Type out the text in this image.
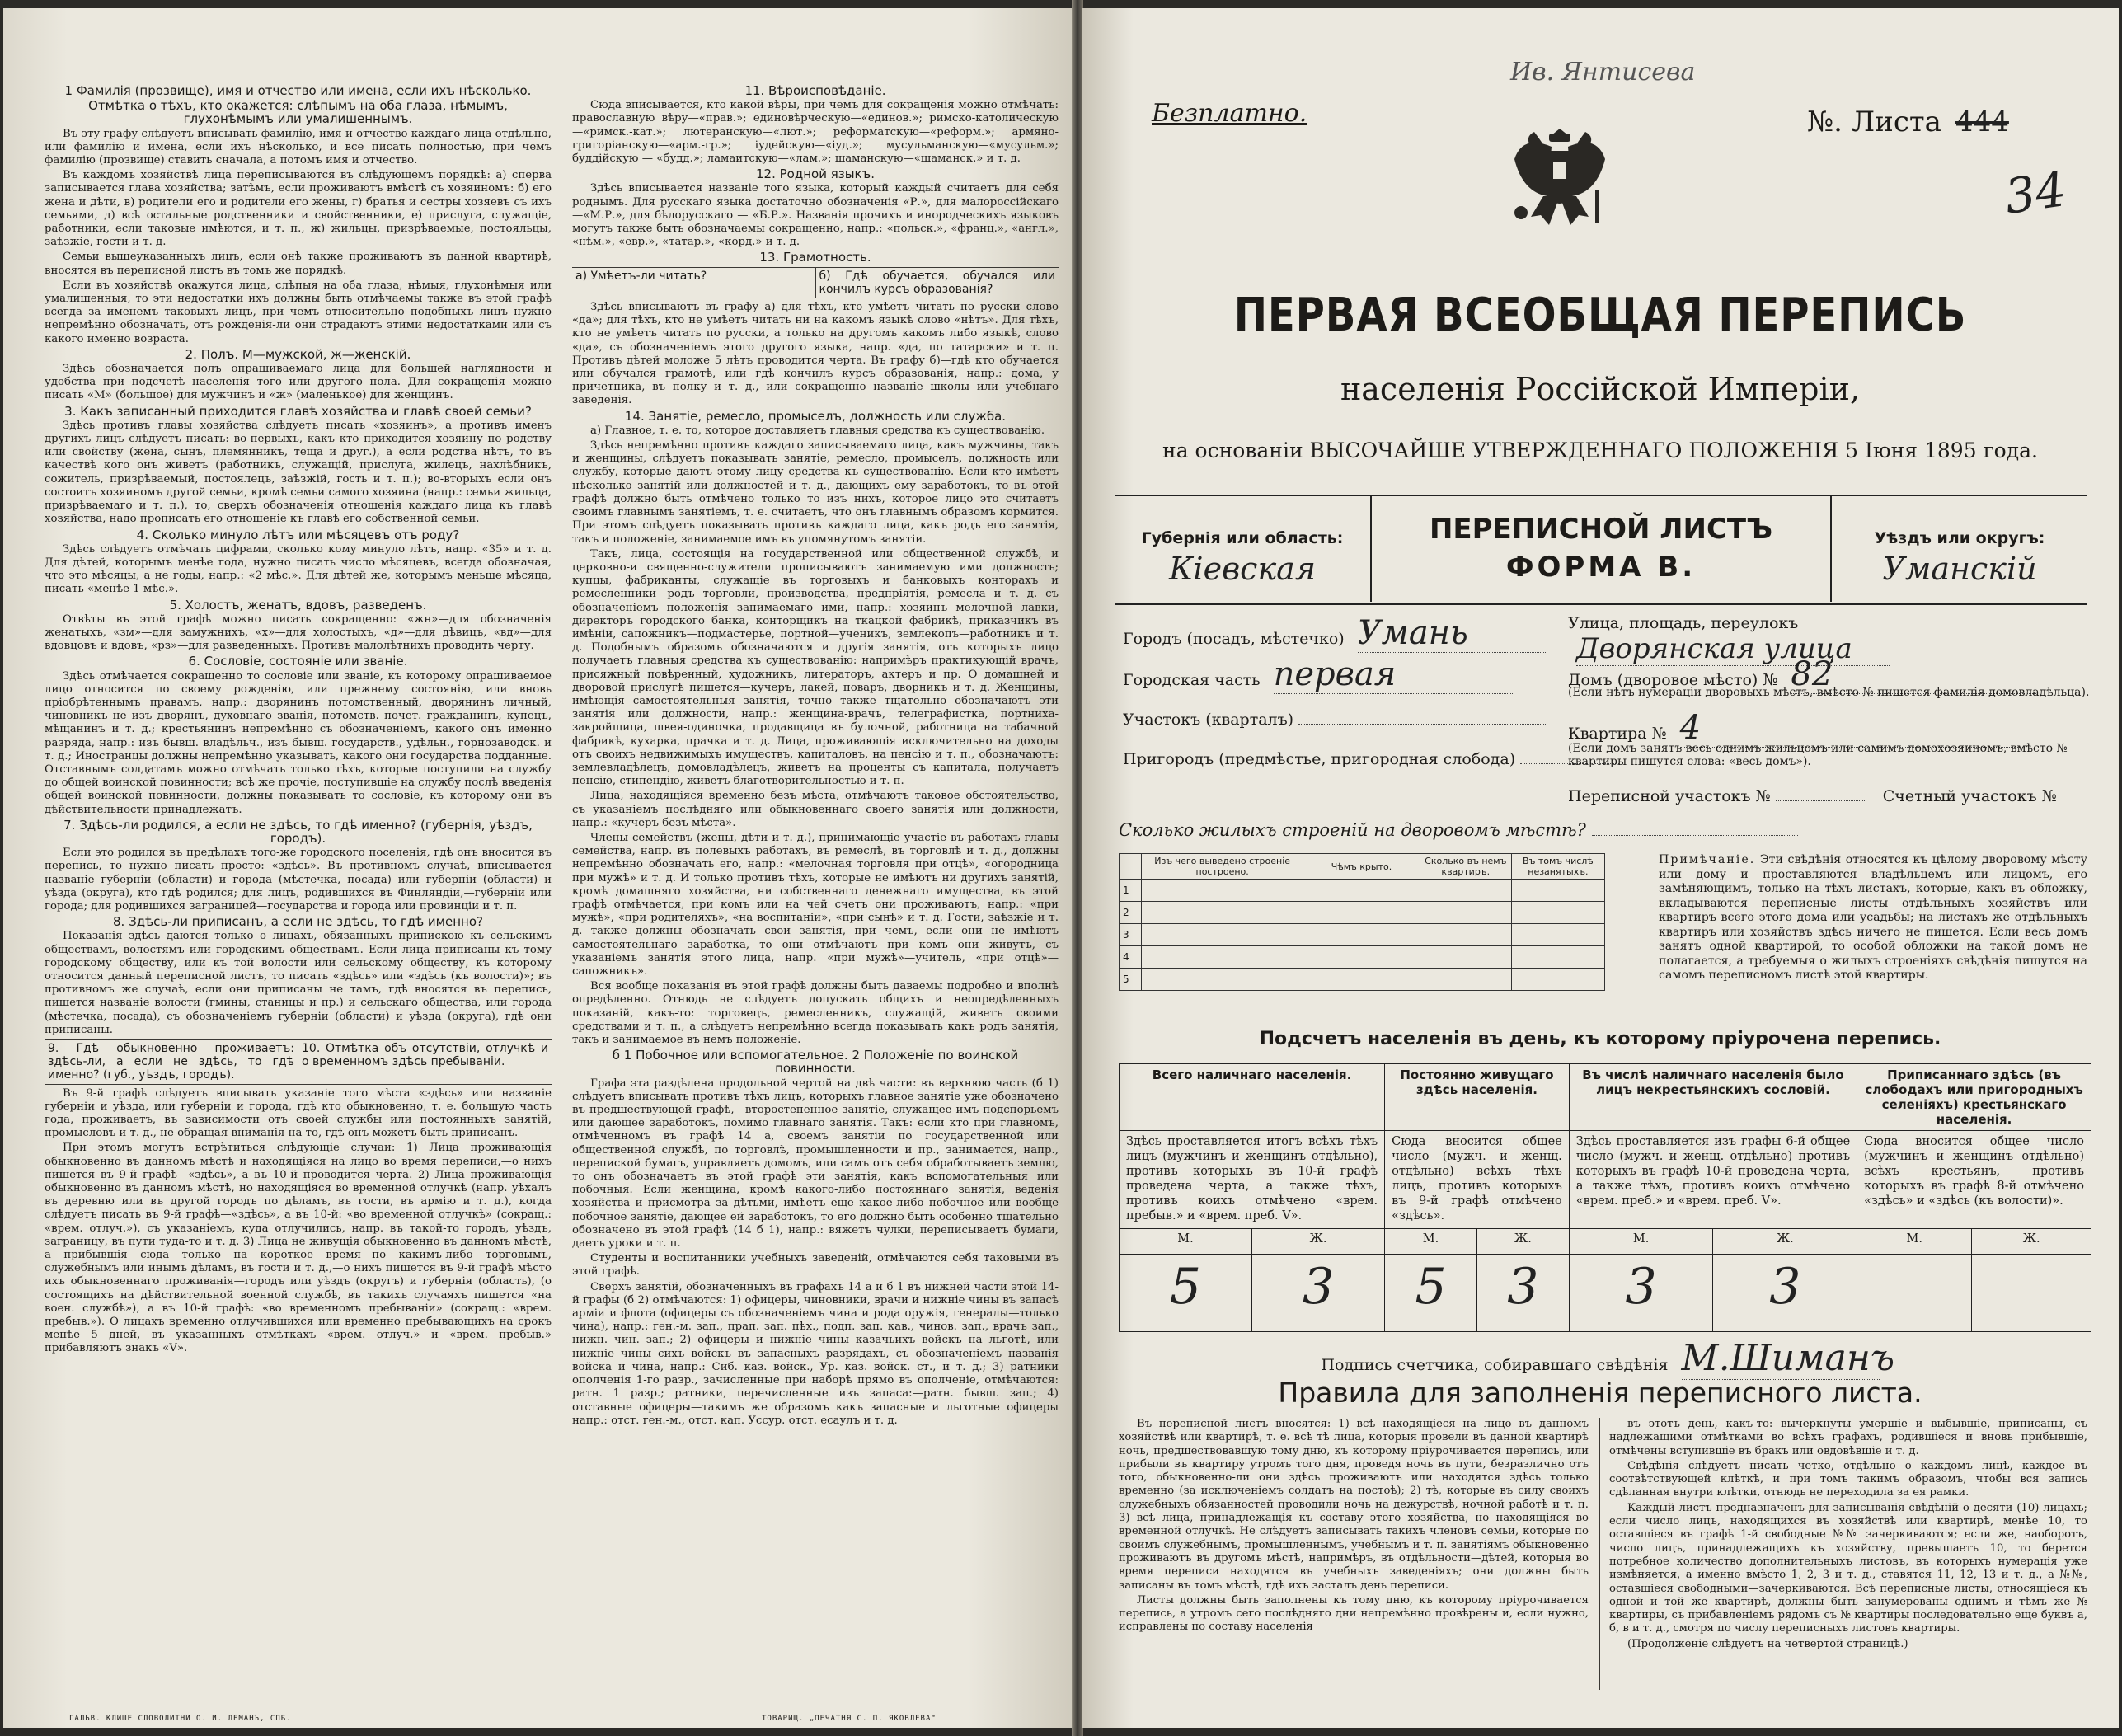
1 Фамилія (прозвище), имя и отчество или имена, если ихъ нѣсколько.
Отмѣтка о тѣхъ, кто окажется: слѣпымъ на оба глаза, нѣмымъ, глухонѣмымъ или умалишеннымъ.
Въ эту графу слѣдуетъ вписывать фамилію, имя и отчество каждаго лица отдѣльно, или фамилію и имена, если ихъ нѣсколько, и все писать полностью, при чемъ фамилію (прозвище) ставить сначала, а потомъ имя и отчество.
Въ каждомъ хозяйствѣ лица переписываются въ слѣдующемъ порядкѣ: а) сперва записывается глава хозяйства; затѣмъ, если проживаютъ вмѣстѣ съ хозяиномъ: б) его жена и дѣти, в) родители его и родители его жены, г) братья и сестры хозяевъ съ ихъ семьями, д) всѣ остальные родственники и свойственники, е) прислуга, служащіе, работники, если таковые имѣются, и т. п., ж) жильцы, призрѣваемые, постояльцы, заѣзжіе, гости и т. д.
Семьи вышеуказанныхъ лицъ, если онѣ также проживаютъ въ данной квартирѣ, вносятся въ переписной листъ въ томъ же порядкѣ.
Если въ хозяйствѣ окажутся лица, слѣпыя на оба глаза, нѣмыя, глухонѣмыя или умалишенныя, то эти недостатки ихъ должны быть отмѣчаемы также въ этой графѣ всегда за именемъ таковыхъ лицъ, при чемъ относительно подобныхъ лицъ нужно непремѣнно обозначать, отъ рожденія-ли они страдаютъ этими недостатками или съ какого именно возраста.
2. Полъ. М—мужской, ж—женскій.
Здѣсь обозначается полъ опрашиваемаго лица для большей наглядности и удобства при подсчетѣ населенія того или другого пола. Для сокращенія можно писать «М» (большое) для мужчинъ и «ж» (маленькое) для женщинъ.
3. Какъ записанный приходится главѣ хозяйства и главѣ своей семьи?
Здѣсь противъ главы хозяйства слѣдуетъ писать «хозяинъ», а противъ именъ другихъ лицъ слѣдуетъ писать: во-первыхъ, какъ кто приходится хозяину по родству или свойству (жена, сынъ, племянникъ, теща и друг.), а если родства нѣтъ, то въ качествѣ кого онъ живетъ (работникъ, служащій, прислуга, жилецъ, нахлѣбникъ, сожитель, призрѣваемый, постоялецъ, заѣзжій, гость и т. п.); во-вторыхъ если онъ состоитъ хозяиномъ другой семьи, кромѣ семьи самого хозяина (напр.: семьи жильца, призрѣваемаго и т. п.), то, сверхъ обозначенія отношенія каждаго лица къ главѣ хозяйства, надо прописать его отношеніе къ главѣ его собственной семьи.
4. Сколько минуло лѣтъ или мѣсяцевъ отъ роду?
Здѣсь слѣдуетъ отмѣчать цифрами, сколько кому минуло лѣтъ, напр. «35» и т. д. Для дѣтей, которымъ менѣе года, нужно писать число мѣсяцевъ, всегда обозначая, что это мѣсяцы, а не годы, напр.: «2 мѣс.». Для дѣтей же, которымъ меньше мѣсяца, писать «менѣе 1 мѣс.».
5. Холостъ, женатъ, вдовъ, разведенъ.
Отвѣты въ этой графѣ можно писать сокращенно: «жн»—для обозначенія женатыхъ, «зм»—для замужнихъ, «х»—для холостыхъ, «д»—для дѣвицъ, «вд»—для вдовцовъ и вдовъ, «рз»—для разведенныхъ. Противъ малолѣтнихъ проводить черту.
6. Сословіе, состояніе или званіе.
Здѣсь отмѣчается сокращенно то сословіе или званіе, къ которому опрашиваемое лицо относится по своему рожденію, или прежнему состоянію, или вновь пріобрѣтеннымъ правамъ, напр.: дворянинъ потомственный, дворянинъ личный, чиновникъ не изъ дворянъ, духовнаго званія, потомств. почет. гражданинъ, купецъ, мѣщанинъ и т. д.; крестьянинъ непремѣнно съ обозначеніемъ, какого онъ именно разряда, напр.: изъ бывш. владѣльч., изъ бывш. государств., удѣльн., горнозаводск. и т. д.; Иностранцы должны непремѣнно указывать, какого они государства подданные. Отставнымъ солдатамъ можно отмѣчать только тѣхъ, которые поступили на службу до общей воинской повинности; всѣ же прочіе, поступившіе на службу послѣ введенія общей воинской повинности, должны показывать то сословіе, къ которому они въ дѣйствительности принадлежатъ.
7. Здѣсь-ли родился, а если не здѣсь, то гдѣ именно? (губернія, уѣздъ, городъ).
Если это родился въ предѣлахъ того-же городского поселенія, гдѣ онъ вносится въ перепись, то нужно писать просто: «здѣсь». Въ противномъ случаѣ, вписывается названіе губерніи (области) и города (мѣстечка, посада) или губерніи (области) и уѣзда (округа), кто гдѣ родился; для лицъ, родившихся въ Финляндіи,—губерніи или города; для родившихся заграницей—государства и города или провинціи и т. п.
8. Здѣсь-ли приписанъ, а если не здѣсь, то гдѣ именно?
Показанія здѣсь даются только о лицахъ, обязанныхъ припискою къ сельскимъ обществамъ, волостямъ или городскимъ обществамъ. Если лица приписаны къ тому городскому обществу, или къ той волости или сельскому обществу, къ которому относится данный переписной листъ, то писать «здѣсь» или «здѣсь (къ волости)»; въ противномъ же случаѣ, если они приписаны не тамъ, гдѣ вносятся въ перепись, пишется названіе волости (гмины, станицы и пр.) и сельскаго общества, или города (мѣстечка, посада), съ обозначеніемъ губерніи (области) и уѣзда (округа), гдѣ они приписаны.
9. Гдѣ обыкновенно проживаетъ: здѣсь-ли, а если не здѣсь, то гдѣ именно? (губ., уѣздъ, городъ).
10. Отмѣтка объ отсутствіи, отлучкѣ и о временномъ здѣсь пребываніи.
Въ 9-й графѣ слѣдуетъ вписывать указаніе того мѣста «здѣсь» или названіе губерніи и уѣзда, или губерніи и города, гдѣ кто обыкновенно, т. е. большую часть года, проживаетъ, въ зависимости отъ своей службы или постоянныхъ занятій, промысловъ и т. д., не обращая вниманія на то, гдѣ онъ можетъ быть приписанъ.
При этомъ могутъ встрѣтиться слѣдующіе случаи: 1) Лица проживающія обыкновенно въ данномъ мѣстѣ и находящіяся на лицо во время переписи,—о нихъ пишется въ 9-й графѣ—«здѣсь», а въ 10-й проводится черта. 2) Лица проживающія обыкновенно въ данномъ мѣстѣ, но находящіяся во временной отлучкѣ (напр. уѣхалъ въ деревню или въ другой городъ по дѣламъ, въ гости, въ армію и т. д.), когда слѣдуетъ писать въ 9-й графѣ—«здѣсь», а въ 10-й: «во временной отлучкѣ» (сокращ.: «врем. отлуч.»), съ указаніемъ, куда отлучились, напр. въ такой-то городъ, уѣздъ, заграницу, въ пути туда-то и т. д. 3) Лица не живущія обыкновенно въ данномъ мѣстѣ, а прибывшія сюда только на короткое время—по какимъ-либо торговымъ, служебнымъ или инымъ дѣламъ, въ гости и т. д.,—о нихъ пишется въ 9-й графѣ мѣсто ихъ обыкновеннаго проживанія—городъ или уѣздъ (округъ) и губернія (область), (о состоящихъ на дѣйствительной военной службѣ, въ такихъ случаяхъ пишется «на воен. службѣ»), а въ 10-й графѣ: «во временномъ пребываніи» (сокращ.: «врем. пребыв.»). О лицахъ временно отлучившихся или временно пребывающихъ на срокъ менѣе 5 дней, въ указанныхъ отмѣткахъ «врем. отлуч.» и «врем. пребыв.» прибавляютъ знакъ «V».
11. Вѣроисповѣданіе.
Сюда вписывается, кто какой вѣры, при чемъ для сокращенія можно отмѣчать: православную вѣру—«прав.»; единовѣрческую—«единов.»; римско-католическую—«римск.-кат.»; лютеранскую—«лют.»; реформатскую—«реформ.»; армяно-григоріанскую—«арм.-гр.»; іудейскую—«іуд.»; мусульманскую—«мусульм.»; буддійскую — «будд.»; ламаитскую—«лам.»; шаманскую—«шаманск.» и т. д.
12. Родной языкъ.
Здѣсь вписывается названіе того языка, который каждый считаетъ для себя роднымъ. Для русскаго языка достаточно обозначенія «Р.», для малороссійскаго—«М.Р.», для бѣлорусскаго — «Б.Р.». Названія прочихъ и инородческихъ языковъ могутъ также быть обозначаемы сокращенно, напр.: «польск.», «франц.», «англ.», «нѣм.», «евр.», «татар.», «корд.» и т. д.
13. Грамотность.
а) Умѣетъ-ли читать?	б) Гдѣ обучается, обучался или кончилъ курсъ образованія?
Здѣсь вписываютъ въ графу а) для тѣхъ, кто умѣетъ читать по русски слово «да»; для тѣхъ, кто не умѣетъ читать ни на какомъ языкѣ слово «нѣтъ». Для тѣхъ, кто не умѣетъ читать по русски, а только на другомъ какомъ либо языкѣ, слово «да», съ обозначеніемъ этого другого языка, напр. «да, по татарски» и т. п. Противъ дѣтей моложе 5 лѣтъ проводится черта. Въ графу б)—гдѣ кто обучается или обучался грамотѣ, или гдѣ кончилъ курсъ образованія, напр.: дома, у причетника, въ полку и т. д., или сокращенно названіе школы или учебнаго заведенія.
14. Занятіе, ремесло, промыселъ, должность или служба.
а) Главное, т. е. то, которое доставляетъ главныя средства къ существованію.
Здѣсь непремѣнно противъ каждаго записываемаго лица, какъ мужчины, такъ и женщины, слѣдуетъ показывать занятіе, ремесло, промыселъ, должность или службу, которые даютъ этому лицу средства къ существованію. Если кто имѣетъ нѣсколько занятій или должностей и т. д., дающихъ ему заработокъ, то въ этой графѣ должно быть отмѣчено только то изъ нихъ, которое лицо это считаетъ своимъ главнымъ занятіемъ, т. е. считаетъ, что онъ главнымъ образомъ кормится. При этомъ слѣдуетъ показывать противъ каждаго лица, какъ родъ его занятія, такъ и положеніе, занимаемое имъ въ упомянутомъ занятіи.
Такъ, лица, состоящія на государственной или общественной службѣ, и церковно-и священно-служители прописываютъ занимаемую ими должность; купцы, фабриканты, служащіе въ торговыхъ и банковыхъ конторахъ и ремесленники—родъ торговли, производства, предпріятія, ремесла и т. д. съ обозначеніемъ положенія занимаемаго ими, напр.: хозяинъ мелочной лавки, директоръ городского банка, конторщикъ на ткацкой фабрикѣ, приказчикъ въ имѣніи, сапожникъ—подмастерье, портной—ученикъ, землекопъ—работникъ и т. д. Подобнымъ образомъ обозначаются и другія занятія, отъ которыхъ лицо получаетъ главныя средства къ существованію: напримѣръ практикующій врачъ, присяжный повѣренный, художникъ, литераторъ, актеръ и пр. О домашней и дворовой прислугѣ пишется—кучеръ, лакей, поваръ, дворникъ и т. д. Женщины, имѣющія самостоятельныя занятія, точно также тщательно обозначаютъ эти занятія или должности, напр.: женщина-врачъ, телеграфистка, портниха-закройщица, швея-одиночка, продавщица въ булочной, работница на табачной фабрикѣ, кухарка, прачка и т. д. Лица, проживающія исключительно на доходы отъ своихъ недвижимыхъ имуществъ, капиталовъ, на пенсію и т. п., обозначаютъ: землевладѣлецъ, домовладѣлецъ, живетъ на проценты съ капитала, получаетъ пенсію, стипендію, живетъ благотворительностью и т. п.
Лица, находящіяся временно безъ мѣста, отмѣчаютъ таковое обстоятельство, съ указаніемъ послѣдняго или обыкновеннаго своего занятія или должности, напр.: «кучеръ безъ мѣста».
Члены семействъ (жены, дѣти и т. д.), принимающіе участіе въ работахъ главы семейства, напр. въ полевыхъ работахъ, въ ремеслѣ, въ торговлѣ и т. д., должны непремѣнно обозначать его, напр.: «мелочная торговля при отцѣ», «огородница при мужѣ» и т. д. И только противъ тѣхъ, которые не имѣютъ ни другихъ занятій, кромѣ домашняго хозяйства, ни собственнаго денежнаго имущества, въ этой графѣ отмѣчается, при комъ или на чей счетъ они проживаютъ, напр.: «при мужѣ», «при родителяхъ», «на воспитаніи», «при сынѣ» и т. д. Гости, заѣзжіе и т. д. также должны обозначать свои занятія, при чемъ, если они не имѣютъ самостоятельнаго заработка, то они отмѣчаютъ при комъ они живутъ, съ указаніемъ занятія этого лица, напр. «при мужѣ»—учитель, «при отцѣ»—сапожникъ».
Вся вообще показанія въ этой графѣ должны быть даваемы подробно и вполнѣ опредѣленно. Отнюдь не слѣдуетъ допускать общихъ и неопредѣленныхъ показаній, какъ-то: торговецъ, ремесленникъ, служащій, живетъ своими средствами и т. п., а слѣдуетъ непремѣнно всегда показывать какъ родъ занятія, такъ и занимаемое въ немъ положеніе.
б 1 Побочное или вспомогательное. 2 Положеніе по воинской повинности.
Графа эта раздѣлена продольной чертой на двѣ части: въ верхнюю часть (б 1) слѣдуетъ вписывать противъ тѣхъ лицъ, которыхъ главное занятіе уже обозначено въ предшествующей графѣ,—второстепенное занятіе, служащее имъ подспорьемъ или дающее заработокъ, помимо главнаго занятія. Такъ: если кто при главномъ, отмѣченномъ въ графѣ 14 а, своемъ занятіи по государственной или общественной службѣ, по торговлѣ, промышленности и пр., занимается, напр., перепиской бумагъ, управляетъ домомъ, или самъ отъ себя обработываетъ землю, то онъ обозначаетъ въ этой графѣ эти занятія, какъ вспомогательныя или побочныя. Если женщина, кромѣ какого-либо постояннаго занятія, веденія хозяйства и присмотра за дѣтьми, имѣетъ еще какое-либо побочное или вообще побочное занятіе, дающее ей заработокъ, то его должно быть особенно тщательно обозначено въ этой графѣ (14 б 1), напр.: вяжетъ чулки, переписываетъ бумаги, даетъ уроки и т. п.
Студенты и воспитанники учебныхъ заведеній, отмѣчаются себя таковыми въ этой графѣ.
Сверхъ занятій, обозначенныхъ въ графахъ 14 а и б 1 въ нижней части этой 14-й графы (б 2) отмѣчаются: 1) офицеры, чиновники, врачи и нижніе чины въ запасѣ арміи и флота (офицеры съ обозначеніемъ чина и рода оружія, генералы—только чина), напр.: ген.-м. зап., прап. зап. пѣх., подп. зап. кав., чинов. зап., врачъ зап., нижн. чин. зап.; 2) офицеры и нижніе чины казачьихъ войскъ на льготѣ, или нижніе чины сихъ войскъ въ запасныхъ разрядахъ, съ обозначеніемъ названія войска и чина, напр.: Сиб. каз. войск., Ур. каз. войск. ст., и т. д.; 3) ратники ополченія 1-го разр., зачисленные при наборѣ прямо въ ополченіе, отмѣчаются: ратн. 1 разр.; ратники, перечисленные изъ запаса:—ратн. бывш. зап.; 4) отставные офицеры—такимъ же образомъ какъ запасные и льготные офицеры напр.: отст. ген.-м., отст. кап. Уссур. отст. есаулъ и т. д.
ГАЛЬВ. КЛИШЕ СЛОВОЛИТНИ О. И. ЛЕМАНЪ, СПБ.	ТОВАРИЩ. „ПЕЧАТНЯ С. П. ЯКОВЛЕВА“
Ив. Янтисева
Безплатно.	№. Листа 444
34
ПЕРВАЯ ВСЕОБЩАЯ ПЕРЕПИСЬ
населенія Россійской Имперіи,
на основаніи ВЫСОЧАЙШЕ УТВЕРЖДЕННАГО ПОЛОЖЕНІЯ 5 Іюня 1895 года.
Губернія или область:
Кіевская
ПЕРЕПИСНОЙ ЛИСТЪ
ФОРМА В.
Уѣздъ или округъ:
Уманскій
Городъ (посадъ, мѣстечко) Умань
Городская часть первая
Участокъ (кварталъ)
Пригородъ (предмѣстье, пригородная слобода)
Улица, площадь, переулокъ Дворянская улица
Домъ (дворовое мѣсто) № 82
(Если нѣтъ нумераціи дворовыхъ мѣстъ, вмѣсто № пишется фамилія домовладѣльца).
Квартира № 4
(Если домъ занятъ весь однимъ жильцомъ или самимъ домохозяиномъ, вмѣсто № квартиры пишутся слова: «весь домъ»).
Переписной участокъ №	Счетный участокъ №
Сколько жилыхъ строеній на дворовомъ мѣстѣ?
	Изъ чего выведено строеніе построено.	Чѣмъ крыто.	Сколько въ немъ квартиръ.	Въ томъ числѣ незанятыхъ.
1				
2				
3				
4				
5				
Примѣчаніе. Эти свѣдѣнія относятся къ цѣлому дворовому мѣсту или дому и проставляются владѣльцемъ или лицомъ, его замѣняющимъ, только на тѣхъ листахъ, которые, какъ въ обложку, вкладываются переписные листы отдѣльныхъ хозяйствъ или квартиръ всего этого дома или усадьбы; на листахъ же отдѣльныхъ квартиръ или хозяйствъ здѣсь ничего не пишется. Если весь домъ занятъ одной квартирой, то особой обложки на такой домъ не полагается, а требуемыя о жилыхъ строеніяхъ свѣдѣнія пишутся на самомъ переписномъ листѣ этой квартиры.
Подсчетъ населенія въ день, къ которому пріурочена перепись.
Всего наличнаго населенія.		Постоянно живущаго здѣсь населенія.		Въ числѣ наличнаго населенія было лицъ некрестьянскихъ сословій.		Приписаннаго здѣсь (въ слободахъ или пригородныхъ селеніяхъ) крестьянскаго населенія.	
Здѣсь проставляется итогъ всѣхъ тѣхъ лицъ (мужчинъ и женщинъ отдѣльно), противъ которыхъ въ 10-й графѣ проведена черта, а также тѣхъ, противъ коихъ отмѣчено «врем. пребыв.» и «врем. преб. V».		Сюда вносится общее число (мужч. и женщ. отдѣльно) всѣхъ тѣхъ лицъ, противъ которыхъ въ 9-й графѣ отмѣчено «здѣсь».		Здѣсь проставляется изъ графы 6-й общее число (мужч. и женщ. отдѣльно) противъ которыхъ въ графѣ 10-й проведена черта, а также тѣхъ, противъ коихъ отмѣчено «врем. преб.» и «врем. преб. V».		Сюда вносится общее число (мужчинъ и женщинъ отдѣльно) всѣхъ крестьянъ, противъ которыхъ въ графѣ 8-й отмѣчено «здѣсь» и «здѣсь (къ волости)».	
М.	Ж.	М.	Ж.	М.	Ж.	М.	Ж.
5	3	5	3	3	3		
Подпись счетчика, собиравшаго свѣдѣнія М.Шиманъ
Правила для заполненія переписного листа.
Въ переписной листъ вносятся: 1) всѣ находящіеся на лицо въ данномъ хозяйствѣ или квартирѣ, т. е. всѣ тѣ лица, которыя провели въ данной квартирѣ ночь, предшествовавшую тому дню, къ которому пріурочивается перепись, или прибыли въ квартиру утромъ того дня, проведя ночь въ пути, безразлично отъ того, обыкновенно-ли они здѣсь проживаютъ или находятся здѣсь только временно (за исключеніемъ солдатъ на постоѣ); 2) тѣ, которые въ силу своихъ служебныхъ обязанностей проводили ночь на дежурствѣ, ночной работѣ и т. п. 3) всѣ лица, принадлежащія къ составу этого хозяйства, но находящіяся во временной отлучкѣ. Не слѣдуетъ записывать такихъ членовъ семьи, которые по своимъ служебнымъ, промышленнымъ, учебнымъ и т. п. занятіямъ обыкновенно проживаютъ въ другомъ мѣстѣ, напримѣръ, въ отдѣльности—дѣтей, которыя во время переписи находятся въ учебныхъ заведеніяхъ; они должны быть записаны въ томъ мѣстѣ, гдѣ ихъ засталъ день переписи.
Листы должны быть заполнены къ тому дню, къ которому пріурочивается перепись, а утромъ сего послѣдняго дни непремѣнно провѣрены и, если нужно, исправлены по составу населенія
въ этотъ день, какъ-то: вычеркнуты умершіе и выбывшіе, приписаны, съ надлежащими отмѣтками во всѣхъ графахъ, родившіеся и вновь прибывшіе, отмѣчены вступившіе въ бракъ или овдовѣвшіе и т. д.
Свѣдѣнія слѣдуетъ писать четко, отдѣльно о каждомъ лицѣ, каждое въ соотвѣтствующей клѣткѣ, и при томъ такимъ образомъ, чтобы вся запись сдѣланная внутри клѣтки, отнюдь не переходила за ея рамки.
Каждый листъ предназначенъ для записыванія свѣдѣній о десяти (10) лицахъ; если число лицъ, находящихся въ хозяйствѣ или квартирѣ, менѣе 10, то оставшіеся въ графѣ 1-й свободные №№ зачеркиваются; если же, наоборотъ, число лицъ, принадлежащихъ къ хозяйству, превышаетъ 10, то берется потребное количество дополнительныхъ листовъ, въ которыхъ нумерація уже измѣняется, а именно вмѣсто 1, 2, 3 и т. д., ставятся 11, 12, 13 и т. д., а №№, оставшіеся свободными—зачеркиваются. Всѣ переписные листы, относящіеся къ одной и той же квартирѣ, должны быть занумерованы однимъ и тѣмъ же № квартиры, съ прибавленіемъ рядомъ съ № квартиры последовательно еще буквъ а, б, в и т. д., смотря по числу переписныхъ листовъ квартиры.
(Продолженіе слѣдуетъ на четвертой страницѣ.)
